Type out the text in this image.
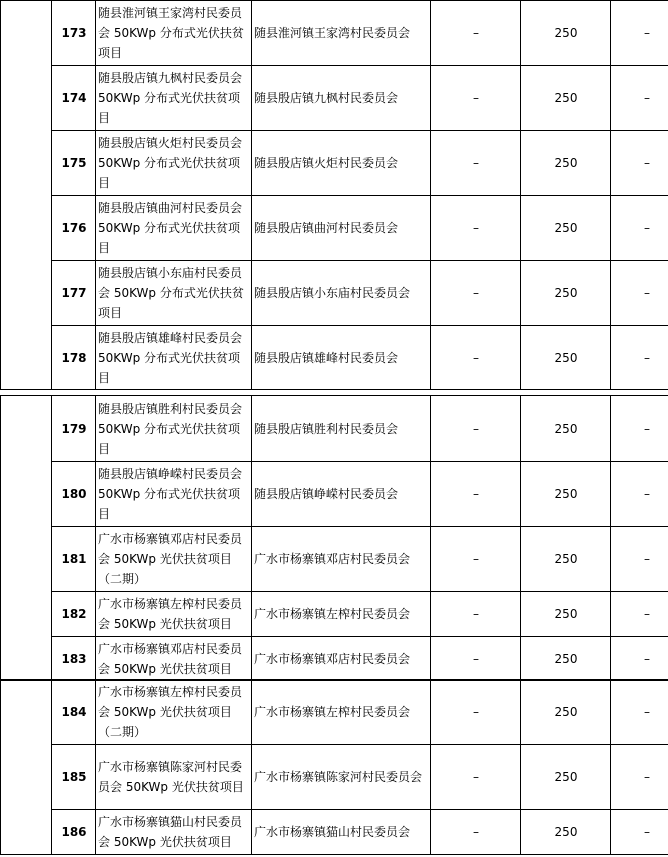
	173	随县淮河镇王家湾村民委员会 50KWp 分布式光伏扶贫项目	随县淮河镇王家湾村民委员会	–	250	–
	174	随县殷店镇九枫村民委员会 50KWp 分布式光伏扶贫项目	随县殷店镇九枫村民委员会	–	250	–
	175	随县殷店镇火炬村民委员会 50KWp 分布式光伏扶贫项目	随县殷店镇火炬村民委员会	–	250	–
	176	随县殷店镇曲河村民委员会 50KWp 分布式光伏扶贫项目	随县殷店镇曲河村民委员会	–	250	–
	177	随县殷店镇小东庙村民委员会 50KWp 分布式光伏扶贫项目	随县殷店镇小东庙村民委员会	–	250	–
	178	随县殷店镇雄峰村民委员会 50KWp 分布式光伏扶贫项目	随县殷店镇雄峰村民委员会	–	250	–
	179	随县殷店镇胜利村民委员会 50KWp 分布式光伏扶贫项目	随县殷店镇胜利村民委员会	–	250	–
	180	随县殷店镇峥嵘村民委员会 50KWp 分布式光伏扶贫项目	随县殷店镇峥嵘村民委员会	–	250	–
	181	广水市杨寨镇邓店村民委员会 50KWp 光伏扶贫项目（二期）	广水市杨寨镇邓店村民委员会	–	250	–
	182	广水市杨寨镇左榨村民委员会 50KWp 光伏扶贫项目	广水市杨寨镇左榨村民委员会	–	250	–
	183	广水市杨寨镇邓店村民委员会 50KWp 光伏扶贫项目	广水市杨寨镇邓店村民委员会	–	250	–
	184	广水市杨寨镇左榨村民委员会 50KWp 光伏扶贫项目（二期）	广水市杨寨镇左榨村民委员会	–	250	–
	185	广水市杨寨镇陈家河村民委员会 50KWp 光伏扶贫项目	广水市杨寨镇陈家河村民委员会	–	250	–
	186	广水市杨寨镇猫山村民委员会 50KWp 光伏扶贫项目	广水市杨寨镇猫山村民委员会	–	250	–
